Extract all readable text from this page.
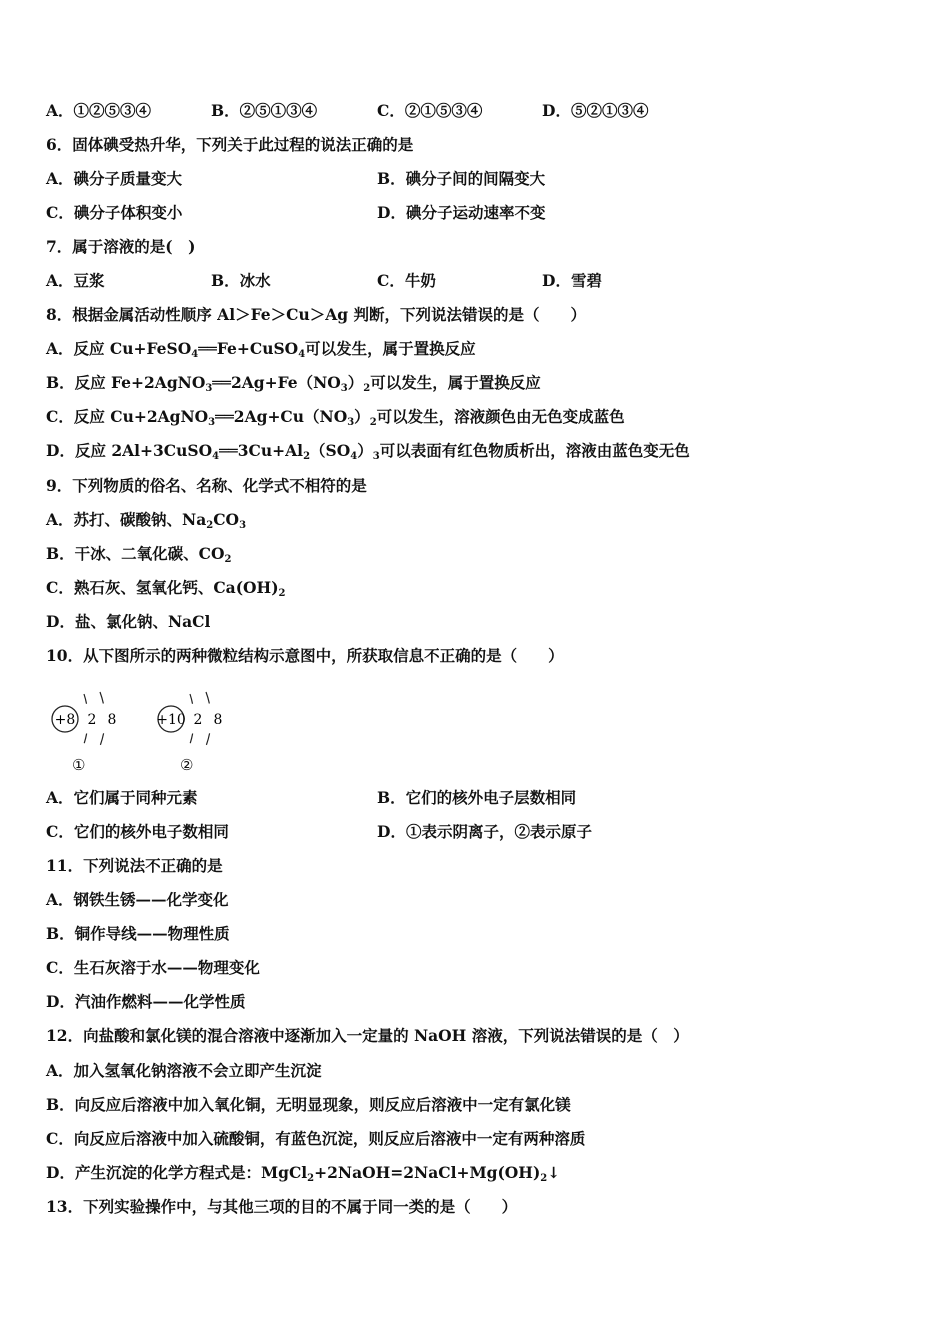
A．①②⑤③④	B．②⑤①③④	C．②①⑤③④	D．⑤②①③④
6．固体碘受热升华，下列关于此过程的说法正确的是
A．碘分子质量变大	B．碘分子间的间隔变大
C．碘分子体积变小	D．碘分子运动速率不变
7．属于溶液的是(　)
A．豆浆	B．冰水	C．牛奶	D．雪碧
8．根据金属活动性顺序 Al＞Fe＞Cu＞Ag 判断，下列说法错误的是（　　）
A．反应 Cu+FeSO$_4$══Fe+CuSO$_4$可以发生，属于置换反应
B．反应 $Fe+2AgNO_3══2Ag+Fe(NO_3)_2$可以发生，属于置换反应
C．反应 $Cu+2AgNO_3══2Ag+Cu(NO_3)_2$可以发生，溶液颜色由无色变成蓝色
D．反应 $2Al+3CuSO_4══3Cu+Al_2(SO_4)_3$可以表面有红色物质析出，溶液由蓝色变无色
9．下列物质的俗名、名称、化学式不相符的是
A．苏打、碳酸钠、$Na_2CO_3$
B．干冰、二氧化碳、$CO_2$
C．熟石灰、氢氧化钙、$Ca(OH)_2$
D．盐、氯化钠、NaCl
10．从下图所示的两种微粒结构示意图中，所获取信息不正确的是（　　）
+8 2 8
①
+10 2 8
②
A．它们属于同种元素	B．它们的核外电子层数相同
C．它们的核外电子数相同	D．①表示阴离子，②表示原子
11．下列说法不正确的是
A．钢铁生锈——化学变化
B．铜作导线——物理性质
C．生石灰溶于水——物理变化
D．汽油作燃料——化学性质
12．向盐酸和氯化镁的混合溶液中逐渐加入一定量的 NaOH 溶液，下列说法错误的是（　）
A．加入氢氧化钠溶液不会立即产生沉淀
B．向反应后溶液中加入氧化铜，无明显现象，则反应后溶液中一定有氯化镁
C．向反应后溶液中加入硫酸铜，有蓝色沉淀，则反应后溶液中一定有两种溶质
D．产生沉淀的化学方程式是：$MgCl_2+2NaOH=2NaCl+Mg(OH)_2↓$
13．下列实验操作中，与其他三项的目的不属于同一类的是（　　）
